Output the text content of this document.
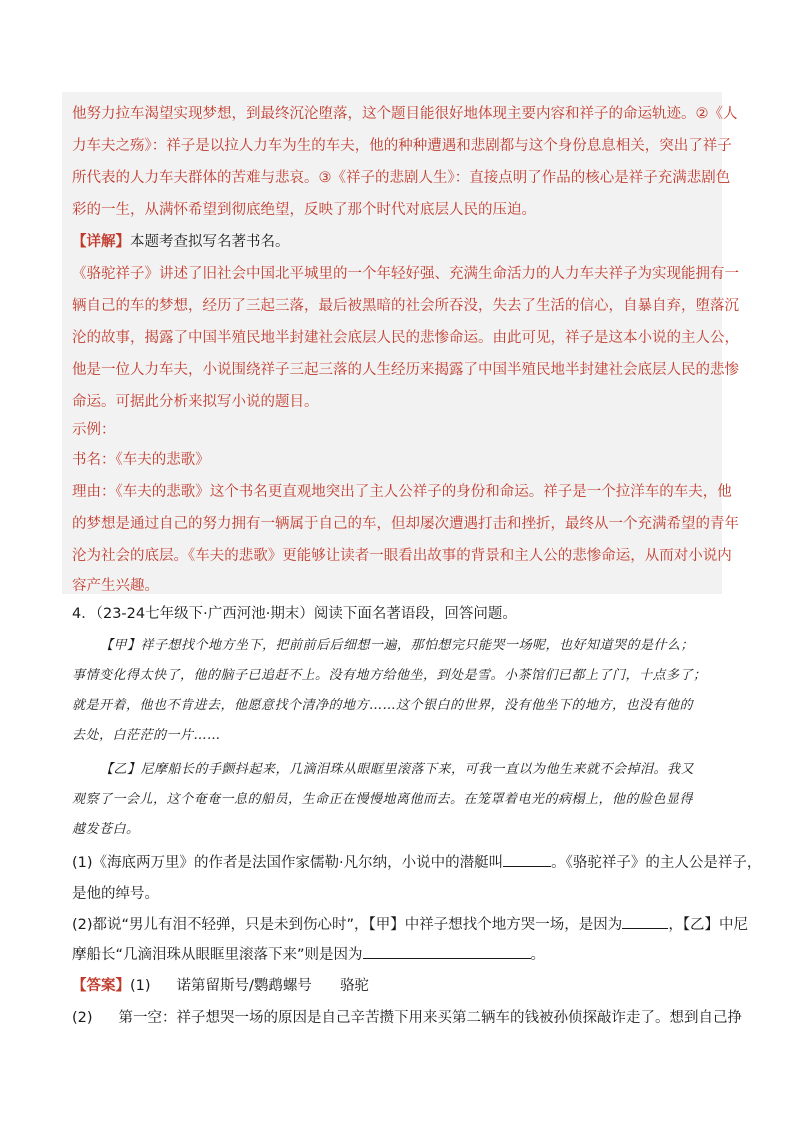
他努力拉车渴望实现梦想，到最终沉沦堕落，这个题目能很好地体现主要内容和祥子的命运轨迹。②《人
力车夫之殇》：祥子是以拉人力车为生的车夫，他的种种遭遇和悲剧都与这个身份息息相关，突出了祥子
所代表的人力车夫群体的苦难与悲哀。③《祥子的悲剧人生》：直接点明了作品的核心是祥子充满悲剧色
彩的一生，从满怀希望到彻底绝望，反映了那个时代对底层人民的压迫。
【详解】本题考查拟写名著书名。
《骆驼祥子》讲述了旧社会中国北平城里的一个年轻好强、充满生命活力的人力车夫祥子为实现能拥有一
辆自己的车的梦想，经历了三起三落，最后被黑暗的社会所吞没，失去了生活的信心，自暴自弃，堕落沉
沦的故事，揭露了中国半殖民地半封建社会底层人民的悲惨命运。由此可见，祥子是这本小说的主人公，
他是一位人力车夫，小说围绕祥子三起三落的人生经历来揭露了中国半殖民地半封建社会底层人民的悲惨
命运。可据此分析来拟写小说的题目。
示例：
书名：《车夫的悲歌》
理由：《车夫的悲歌》这个书名更直观地突出了主人公祥子的身份和命运。祥子是一个拉洋车的车夫，他
的梦想是通过自己的努力拥有一辆属于自己的车，但却屡次遭遇打击和挫折，最终从一个充满希望的青年
沦为社会的底层。《车夫的悲歌》更能够让读者一眼看出故事的背景和主人公的悲惨命运，从而对小说内
容产生兴趣。
4．（23-24七年级下·广西河池·期末）阅读下面名著语段，回答问题。
【甲】祥子想找个地方坐下，把前前后后细想一遍，那怕想完只能哭一场呢，也好知道哭的是什么；
事情变化得太快了，他的脑子已追赶不上。没有地方给他坐，到处是雪。小茶馆们已都上了门，十点多了；
就是开着，他也不肯进去，他愿意找个清净的地方……这个银白的世界，没有他坐下的地方，也没有他的
去处，白茫茫的一片……
【乙】尼摩船长的手颤抖起来，几滴泪珠从眼眶里滚落下来，可我一直以为他生来就不会掉泪。我又
观察了一会儿，这个奄奄一息的船员，生命正在慢慢地离他而去。在笼罩着电光的病榻上，他的脸色显得
越发苍白。
(1)《海底两万里》的作者是法国作家儒勒·凡尔纳，小说中的潜艇叫	。《骆驼祥子》的主人公是祥子，
是他的绰号。
(2)都说“男儿有泪不轻弹，只是未到伤心时”，【甲】中祥子想找个地方哭一场，是因为	，【乙】中尼
摩船长“几滴泪珠从眼眶里滚落下来”则是因为	。
【答案】(1) 诺第留斯号/鹦鹉螺号 骆驼
(2) 第一空：祥子想哭一场的原因是自己辛苦攒下用来买第二辆车的钱被孙侦探敲诈走了。想到自己挣
